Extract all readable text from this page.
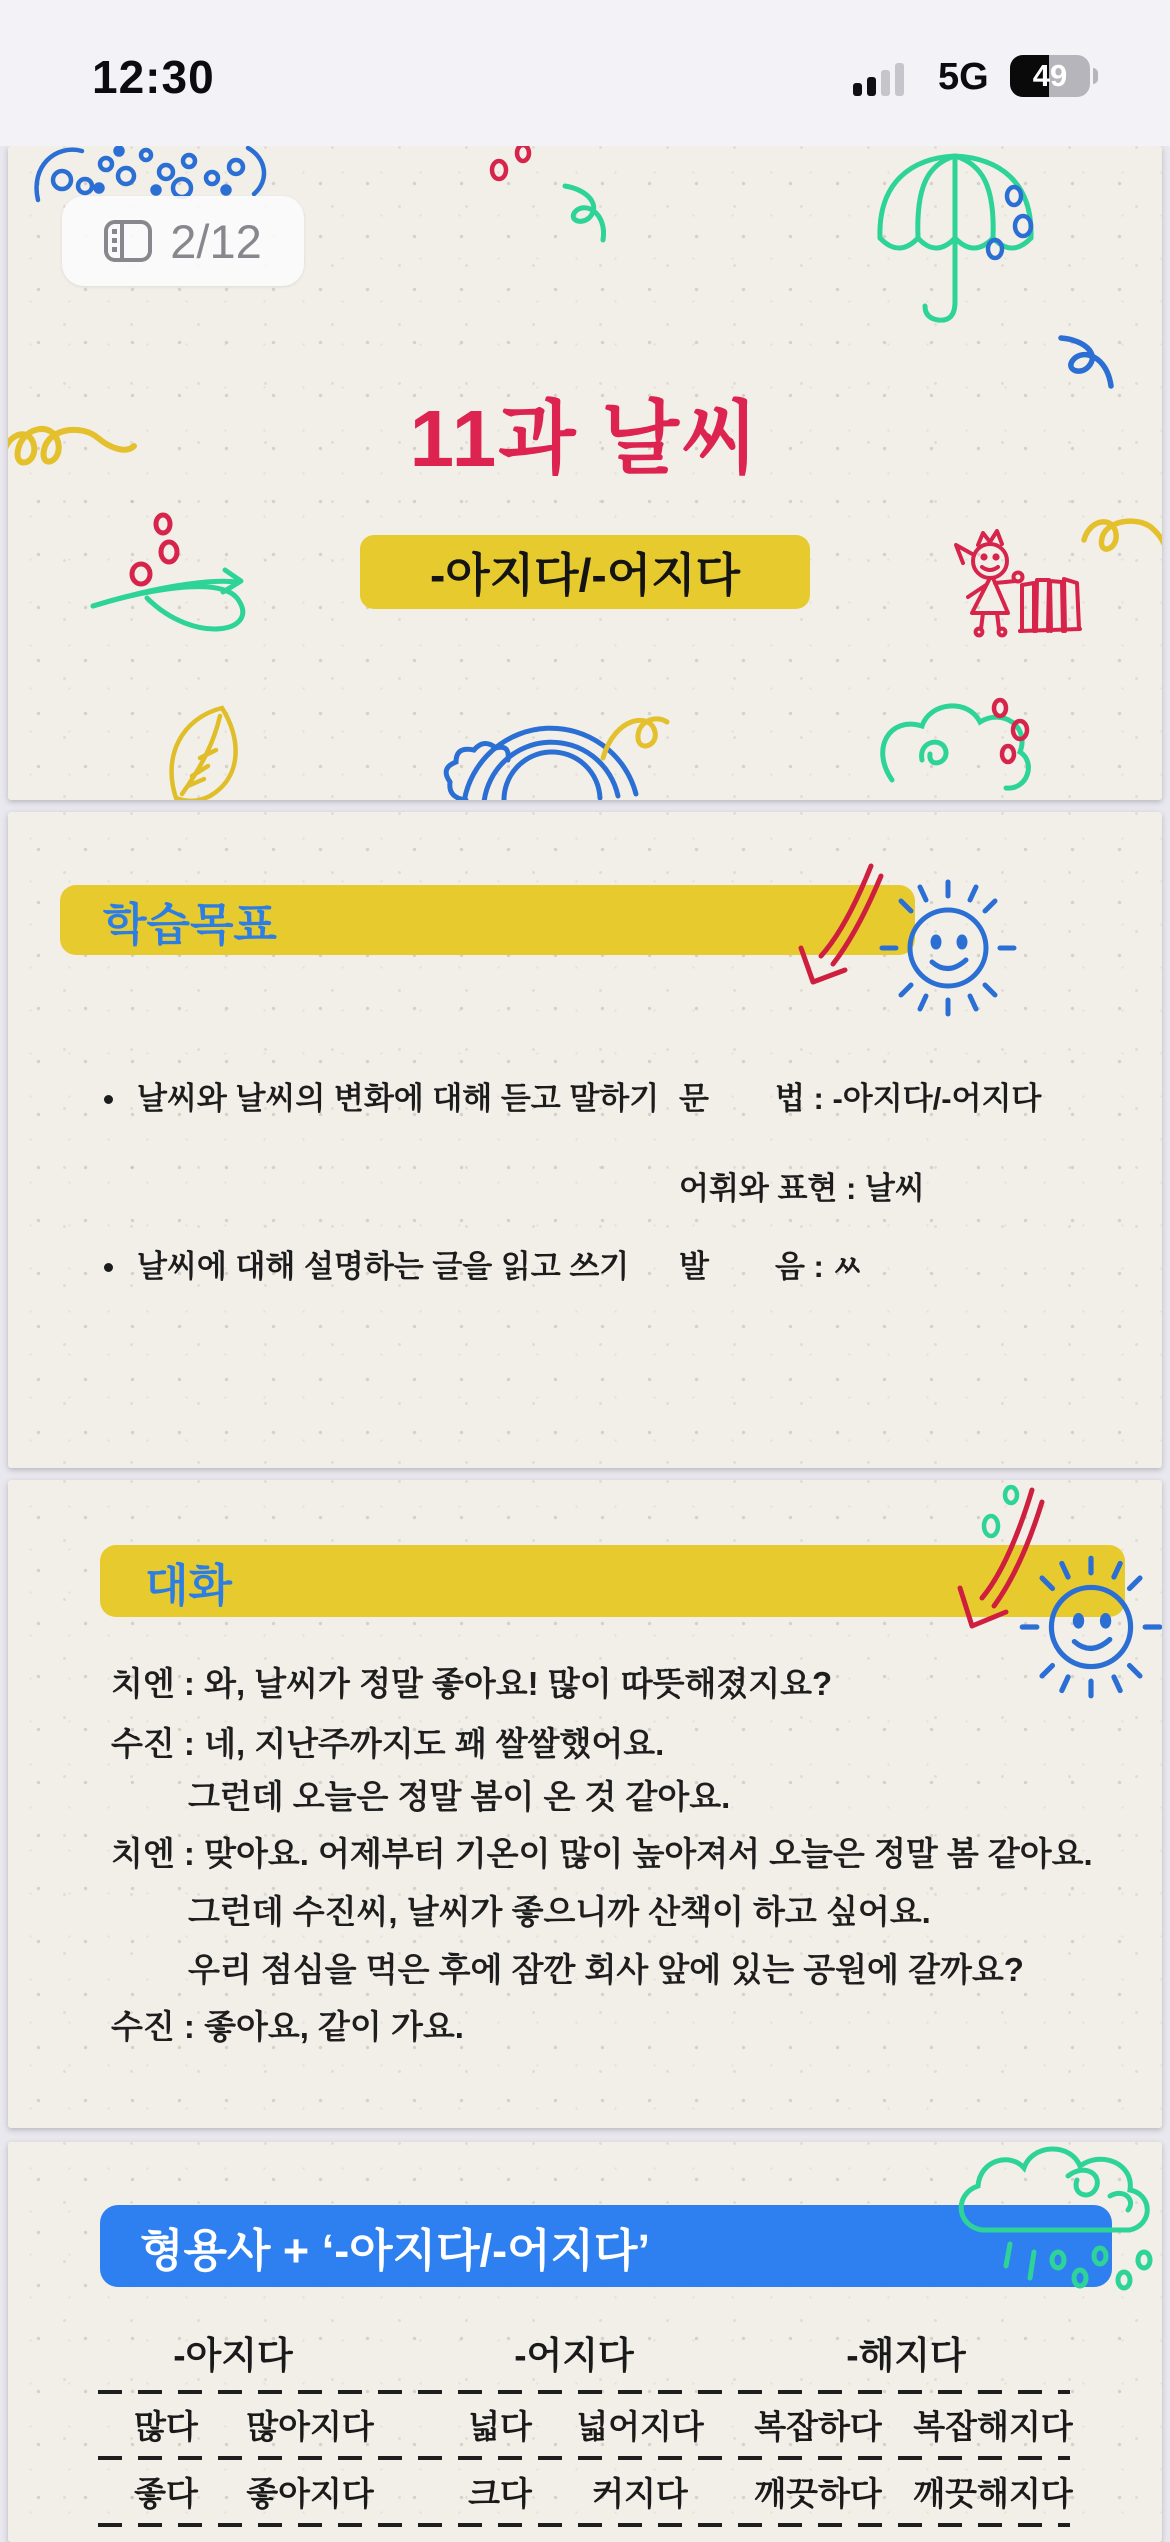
12:30	5G	49
2/12
11과 날씨
-아지다/-어지다
학습목표
날씨와 날씨의 변화에 대해 듣고 말하기 문 법 : -아지다/-어지다
어휘와 표현 : 날씨
날씨에 대해 설명하는 글을 읽고 쓰기 발 음 : ㅆ
대화
치엔 : 와, 날씨가 정말 좋아요! 많이 따뜻해졌지요?
수진 : 네, 지난주까지도 꽤 쌀쌀했어요.
그런데 오늘은 정말 봄이 온 것 같아요.
치엔 : 맞아요. 어제부터 기온이 많이 높아져서 오늘은 정말 봄 같아요.
그런데 수진씨, 날씨가 좋으니까 산책이 하고 싶어요.
우리 점심을 먹은 후에 잠깐 회사 앞에 있는 공원에 갈까요?
수진 : 좋아요, 같이 가요.
형용사 + ‘-아지다/-어지다’
-아지다	-어지다	-해지다
많다 많아지다	넓다 넓어지다 복잡하다 복잡해지다
좋다 좋아지다	크다 커지다 깨끗하다 깨끗해지다
